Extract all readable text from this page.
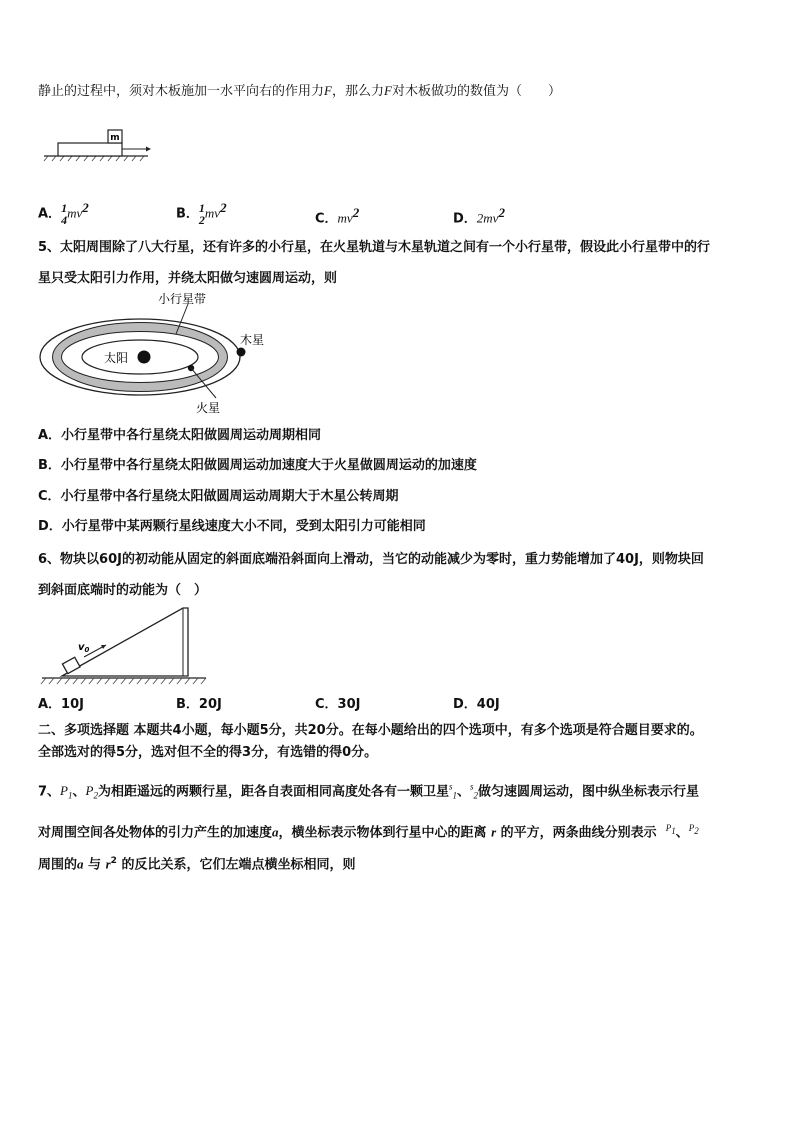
静止的过程中，须对木板施加一水平向右的作用力F，那么力F对木板做功的数值为（　　）
m
A． 1
4 $mv^2$	B． 1
2 $mv^2$
C．$mv^2$	D．$2mv^2$
5、太阳周围除了八大行星，还有许多的小行星，在火星轨道与木星轨道之间有一个小行星带，假设此小行星带中的行
星只受太阳引力作用，并绕太阳做匀速圆周运动，则
太阳
火星
木星
小行星带
A．小行星带中各行星绕太阳做圆周运动周期相同
B．小行星带中各行星绕太阳做圆周运动加速度大于火星做圆周运动的加速度
C．小行星带中各行星绕太阳做圆周运动周期大于木星公转周期
D．小行星带中某两颗行星线速度大小不同，受到太阳引力可能相同
6、物块以60J的初动能从固定的斜面底端沿斜面向上滑动，当它的动能减少为零时，重力势能增加了40J，则物块回
到斜面底端时的动能为（　）
$v_0$
A．10J	B．20J	C．30J	D．40J
二、多项选择题 本题共4小题，每小题5分，共20分。在每小题给出的四个选项中，有多个选项是符合题目要求的。
全部选对的得5分，选对但不全的得3分，有选错的得0分。
7、$P_1$、$P_2$为相距遥远的两颗行星，距各自表面相同高度处各有一颗卫星$^s_1$、$^s_2$做匀速圆周运动，图中纵坐标表示行星
对周围空间各处物体的引力产生的加速度a，横坐标表示物体到行星中心的距离 r 的平方，两条曲线分别表示 $^{P_1}$、$^{P_2}$
周围的a 与 $r^2$ 的反比关系，它们左端点横坐标相同，则
